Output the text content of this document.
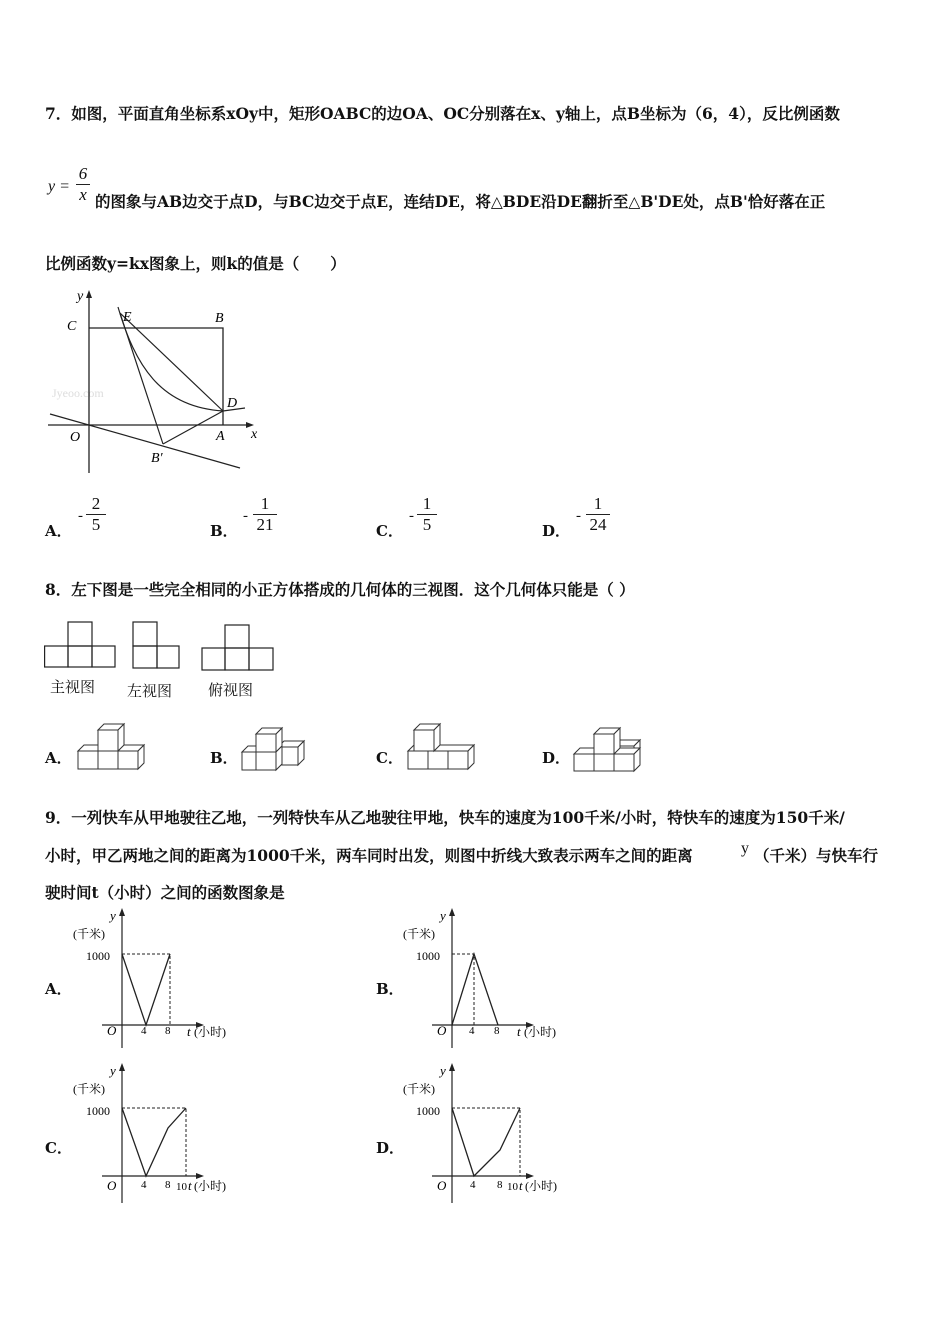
7．如图，平面直角坐标系xOy中，矩形OABC的边OA、OC分别落在x、y轴上，点B坐标为（6，4），反比例函数
y =
6
x 的图象与AB边交于点D，与BC边交于点E，连结DE，将△BDE沿DE翻折至△B'DE处，点B'恰好落在正
比例函数y=kx图象上，则k的值是（　　）
Jyeoo.com
y
C
E	B
D
O	A x
B′
A．
-
2
5	B．
-
1
21	C．
-
1
5	D．
-
1
24
8．左下图是一些完全相同的小正方体搭成的几何体的三视图．这个几何体只能是（ ）
主视图 左视图 俯视图
A．	B．	C．	D．
9．一列快车从甲地驶往乙地，一列特快车从乙地驶往甲地，快车的速度为100千米/小时，特快车的速度为150千米/
小时，甲乙两地之间的距离为1000千米，两车同时出发，则图中折线大致表示两车之间的距离	y （千米）与快车行
驶时间t（小时）之间的函数图象是
A．
y
(千米)
1000
O 4 8 t (小时)
B．
y
(千米)
1000
O 4 8 t (小时)
C．
y
(千米)
1000
O 4 8 10 t (小时)
D．
y
(千米)
1000
O 4 8 10 t (小时)
